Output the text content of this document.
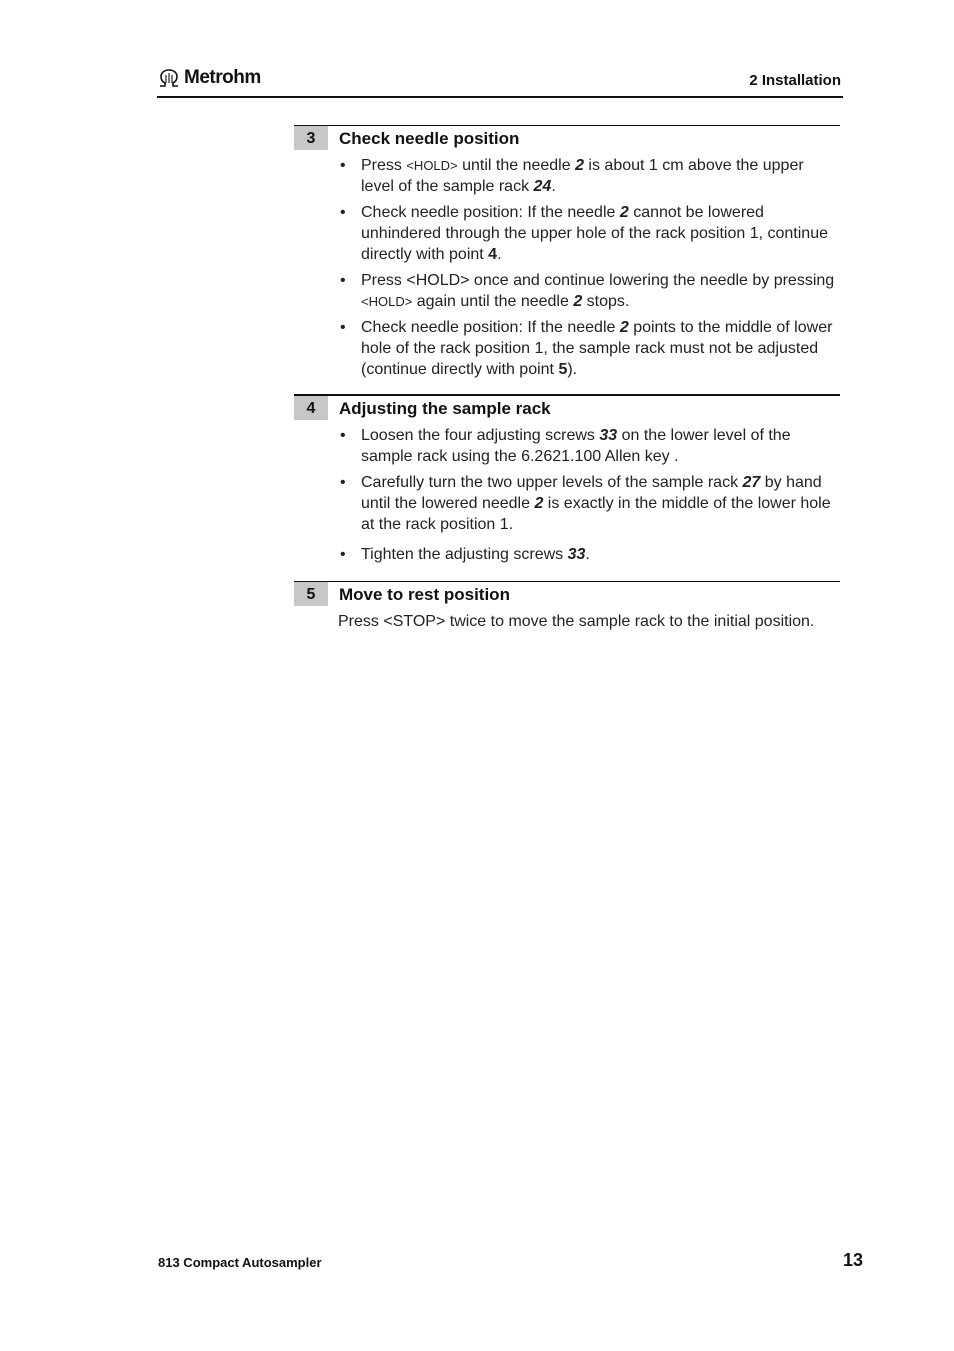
Metrohm	2 Installation
3	Check needle position
• Press <HOLD> until the needle 2 is about 1 cm above the upper level of the sample rack 24.
• Check needle position: If the needle 2 cannot be lowered unhindered through the upper hole of the rack position 1, continue directly with point 4.
• Press <HOLD> once and continue lowering the needle by pressing <HOLD> again until the needle 2 stops.
• Check needle position: If the needle 2 points to the middle of lower hole of the rack position 1, the sample rack must not be adjusted (continue directly with point 5).
4	Adjusting the sample rack
• Loosen the four adjusting screws 33 on the lower level of the sample rack using the 6.2621.100 Allen key .
• Carefully turn the two upper levels of the sample rack 27 by hand until the lowered needle 2 is exactly in the middle of the lower hole at the rack position 1.
• Tighten the adjusting screws 33.
5	Move to rest position
Press <STOP> twice to move the sample rack to the initial position.
813 Compact Autosampler	13
